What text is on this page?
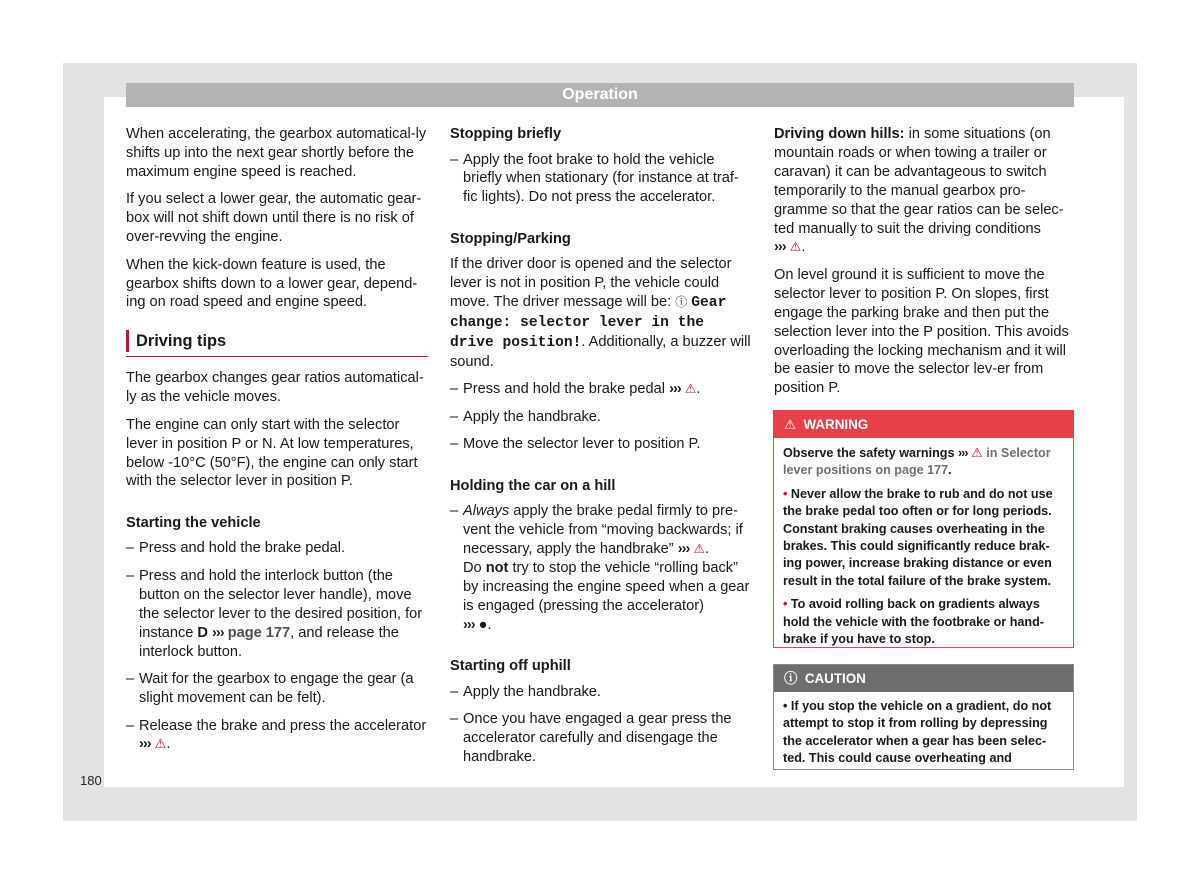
Operation

When accelerating, the gearbox automatical-ly shifts up into the next gear shortly before the maximum engine speed is reached.

If you select a lower gear, the automatic gear-box will not shift down until there is no risk of over-revving the engine.

When the kick-down feature is used, the gearbox shifts down to a lower gear, depend-ing on road speed and engine speed.

Driving tips

The gearbox changes gear ratios automatical-ly as the vehicle moves.

The engine can only start with the selector lever in position P or N. At low temperatures, below -10°C (50°F), the engine can only start with the selector lever in position P.

Starting the vehicle
– Press and hold the brake pedal.
– Press and hold the interlock button (the button on the selector lever handle), move the selector lever to the desired position, for instance D ››› page 177, and release the interlock button.
– Wait for the gearbox to engage the gear (a slight movement can be felt).
– Release the brake and press the accelerator
››› ⚠.
Stopping briefly
– Apply the foot brake to hold the vehicle briefly when stationary (for instance at traf-fic lights). Do not press the accelerator.
Stopping/Parking

If the driver door is opened and the selector lever is not in position P, the vehicle could move. The driver message will be: ⓘ Gear change: selector lever in the drive position!. Additionally, a buzzer will sound.

– Press and hold the brake pedal ››› ⚠.
– Apply the handbrake.
– Move the selector lever to position P.
Holding the car on a hill
– Always apply the brake pedal firmly to pre-vent the vehicle from “moving backwards; if necessary, apply the handbrake” ››› ⚠.
Do not try to stop the vehicle “rolling back” by increasing the engine speed when a gear is engaged (pressing the accelerator)
››› ●.
Starting off uphill
– Apply the handbrake.
– Once you have engaged a gear press the accelerator carefully and disengage the handbrake.

Driving down hills: in some situations (on mountain roads or when towing a trailer or caravan) it can be advantageous to switch temporarily to the manual gearbox pro-gramme so that the gear ratios can be selec-ted manually to suit the driving conditions
››› ⚠.

On level ground it is sufficient to move the selector lever to position P. On slopes, first engage the parking brake and then put the selection lever into the P position. This avoids overloading the locking mechanism and it will be easier to move the selector lev-er from position P.

⚠ WARNING

Observe the safety warnings ››› ⚠ in Selector lever positions on page 177.

• Never allow the brake to rub and do not use the brake pedal too often or for long periods. Constant braking causes overheating in the brakes. This could significantly reduce brak-ing power, increase braking distance or even result in the total failure of the brake system.

• To avoid rolling back on gradients always hold the vehicle with the footbrake or hand-brake if you have to stop.

ⓘ CAUTION

• If you stop the vehicle on a gradient, do not attempt to stop it from rolling by depressing the accelerator when a gear has been selec-ted. This could cause overheating and

180
